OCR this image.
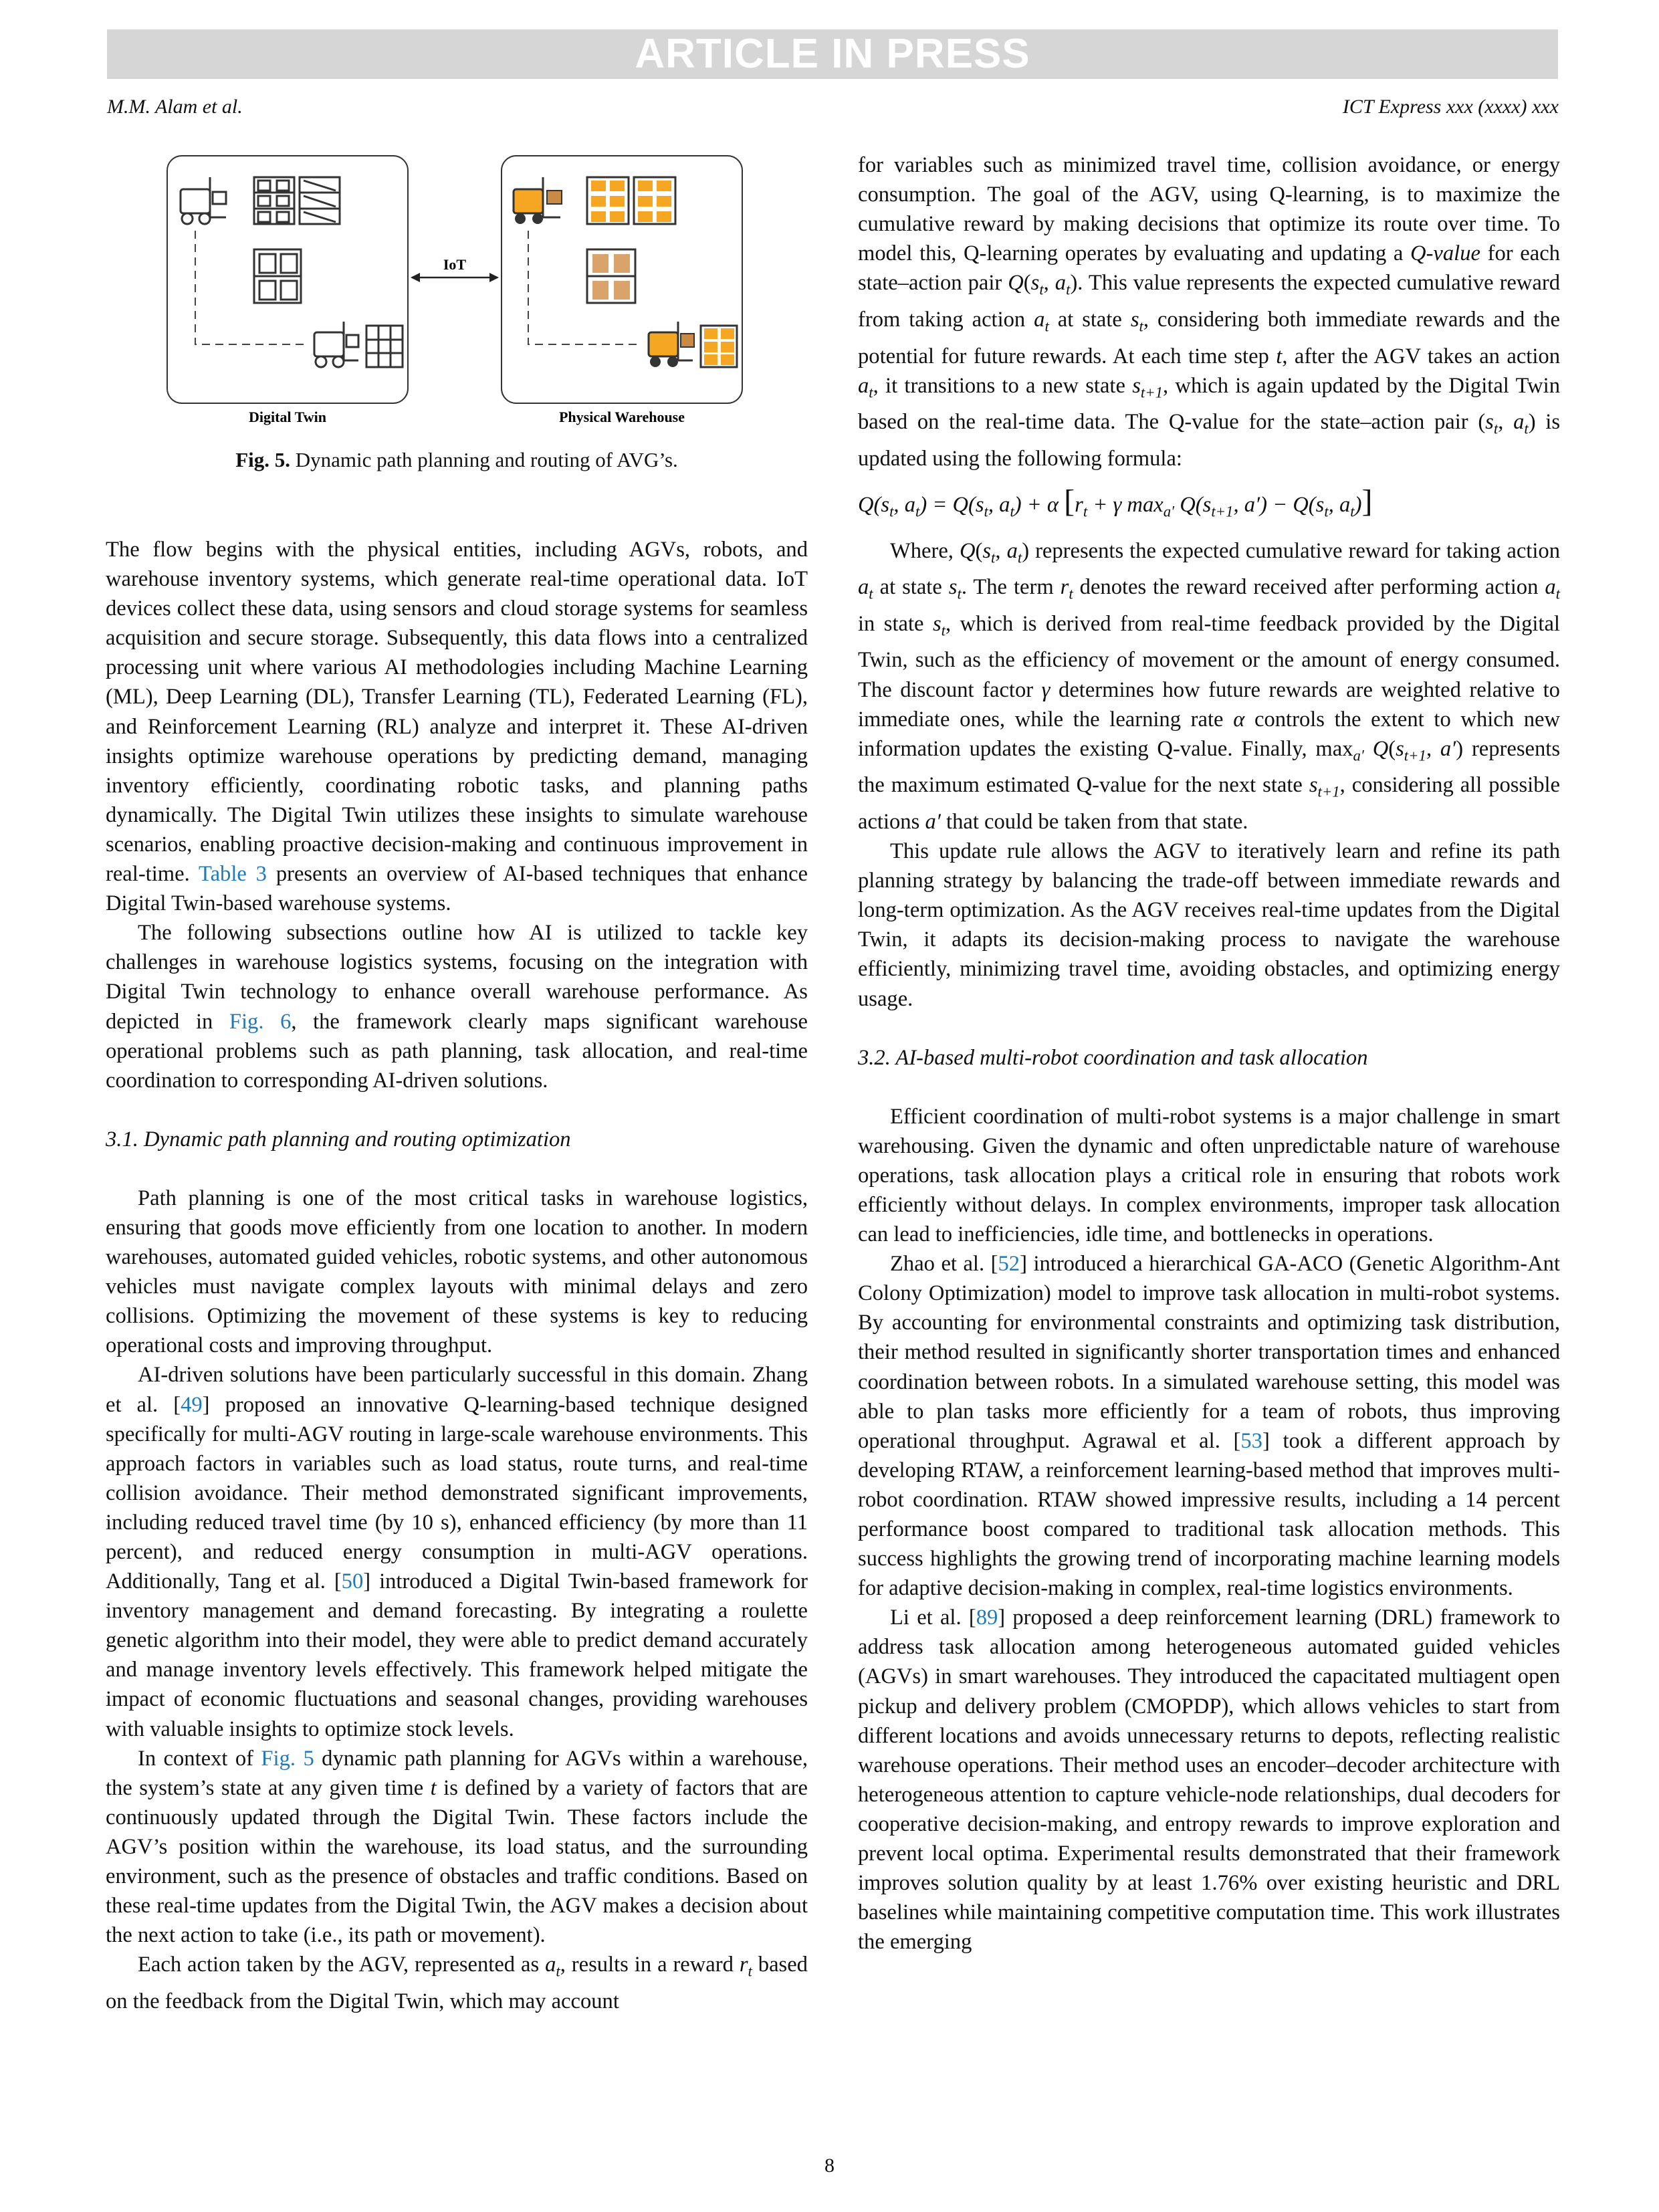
ARTICLE IN PRESS
M.M. Alam et al.	ICT Express xxx (xxxx) xxx
IoT
Digital Twin	Physical Warehouse
Fig. 5. Dynamic path planning and routing of AVG’s.

The flow begins with the physical entities, including AGVs, robots, and warehouse inventory systems, which generate real-time operational data. IoT devices collect these data, using sensors and cloud storage systems for seamless acquisition and secure storage. Subsequently, this data flows into a centralized processing unit where various AI methodologies including Machine Learning (ML), Deep Learning (DL), Transfer Learning (TL), Federated Learning (FL), and Reinforcement Learning (RL) analyze and interpret it. These AI-driven insights optimize warehouse operations by predicting demand, managing inventory efficiently, coordinating robotic tasks, and planning paths dynamically. The Digital Twin utilizes these insights to simulate warehouse scenarios, enabling proactive decision-making and continuous improvement in real-time. Table 3 presents an overview of AI-based techniques that enhance Digital Twin-based warehouse systems.

The following subsections outline how AI is utilized to tackle key challenges in warehouse logistics systems, focusing on the integration with Digital Twin technology to enhance overall warehouse performance. As depicted in Fig. 6, the framework clearly maps significant warehouse operational problems such as path planning, task allocation, and real-time coordination to corresponding AI-driven solutions.

3.1. Dynamic path planning and routing optimization

Path planning is one of the most critical tasks in warehouse logistics, ensuring that goods move efficiently from one location to another. In modern warehouses, automated guided vehicles, robotic systems, and other autonomous vehicles must navigate complex layouts with minimal delays and zero collisions. Optimizing the movement of these systems is key to reducing operational costs and improving throughput.

AI-driven solutions have been particularly successful in this domain. Zhang et al. [49] proposed an innovative Q-learning-based technique designed specifically for multi-AGV routing in large-scale warehouse environments. This approach factors in variables such as load status, route turns, and real-time collision avoidance. Their method demonstrated significant improvements, including reduced travel time (by 10 s), enhanced efficiency (by more than 11 percent), and reduced energy consumption in multi-AGV operations. Additionally, Tang et al. [50] introduced a Digital Twin-based framework for inventory management and demand forecasting. By integrating a roulette genetic algorithm into their model, they were able to predict demand accurately and manage inventory levels effectively. This framework helped mitigate the impact of economic fluctuations and seasonal changes, providing warehouses with valuable insights to optimize stock levels.

In context of Fig. 5 dynamic path planning for AGVs within a warehouse, the system’s state at any given time t is defined by a variety of factors that are continuously updated through the Digital Twin. These factors include the AGV’s position within the warehouse, its load status, and the surrounding environment, such as the presence of obstacles and traffic conditions. Based on these real-time updates from the Digital Twin, the AGV makes a decision about the next action to take (i.e., its path or movement).

Each action taken by the AGV, represented as $a_t$, results in a reward $r_t$ based on the feedback from the Digital Twin, which may account

for variables such as minimized travel time, collision avoidance, or energy consumption. The goal of the AGV, using Q-learning, is to maximize the cumulative reward by making decisions that optimize its route over time. To model this, Q-learning operates by evaluating and updating a Q-value for each state–action pair $Q(s_t$, $a_t$). This value represents the expected cumulative reward from taking action $a_t$ at state $s_t$, considering both immediate rewards and the potential for future rewards. At each time step t, after the AGV takes an action $a_t$, it transitions to a new state $s_{t+1}$, which is again updated by the Digital Twin based on the real-time data. The Q-value for the state–action pair ($s_t$, $a_t$) is updated using the following formula:

$Q(s_t$, $a_t) = Q(s_t$, $a_t) + \alpha$ [$r_t + \gamma$ $\max_{a'} Q(s_{t+1}$, $a') - Q(s_t$, $a_t$)]

Where, $Q(s_t$, $a_t$) represents the expected cumulative reward for taking action $a_t$ at state $s_t$. The term $r_t$ denotes the reward received after performing action $a_t$ in state $s_t$, which is derived from real-time feedback provided by the Digital Twin, such as the efficiency of movement or the amount of energy consumed. The discount factor γ determines how future rewards are weighted relative to immediate ones, while the learning rate α controls the extent to which new information updates the existing Q-value. Finally, $\max_{a'} Q(s_{t+1}$, a′) represents the maximum estimated Q-value for the next state $s_{t+1}$, considering all possible actions a′ that could be taken from that state.

This update rule allows the AGV to iteratively learn and refine its path planning strategy by balancing the trade-off between immediate rewards and long-term optimization. As the AGV receives real-time updates from the Digital Twin, it adapts its decision-making process to navigate the warehouse efficiently, minimizing travel time, avoiding obstacles, and optimizing energy usage.

3.2. AI-based multi-robot coordination and task allocation

Efficient coordination of multi-robot systems is a major challenge in smart warehousing. Given the dynamic and often unpredictable nature of warehouse operations, task allocation plays a critical role in ensuring that robots work efficiently without delays. In complex environments, improper task allocation can lead to inefficiencies, idle time, and bottlenecks in operations.

Zhao et al. [52] introduced a hierarchical GA-ACO (Genetic Algorithm-Ant Colony Optimization) model to improve task allocation in multi-robot systems. By accounting for environmental constraints and optimizing task distribution, their method resulted in significantly shorter transportation times and enhanced coordination between robots. In a simulated warehouse setting, this model was able to plan tasks more efficiently for a team of robots, thus improving operational throughput. Agrawal et al. [53] took a different approach by developing RTAW, a reinforcement learning-based method that improves multi-robot coordination. RTAW showed impressive results, including a 14 percent performance boost compared to traditional task allocation methods. This success highlights the growing trend of incorporating machine learning models for adaptive decision-making in complex, real-time logistics environments.

Li et al. [89] proposed a deep reinforcement learning (DRL) framework to address task allocation among heterogeneous automated guided vehicles (AGVs) in smart warehouses. They introduced the capacitated multiagent open pickup and delivery problem (CMOPDP), which allows vehicles to start from different locations and avoids unnecessary returns to depots, reflecting realistic warehouse operations. Their method uses an encoder–decoder architecture with heterogeneous attention to capture vehicle-node relationships, dual decoders for cooperative decision-making, and entropy rewards to improve exploration and prevent local optima. Experimental results demonstrated that their framework improves solution quality by at least 1.76% over existing heuristic and DRL baselines while maintaining competitive computation time. This work illustrates the emerging

8
